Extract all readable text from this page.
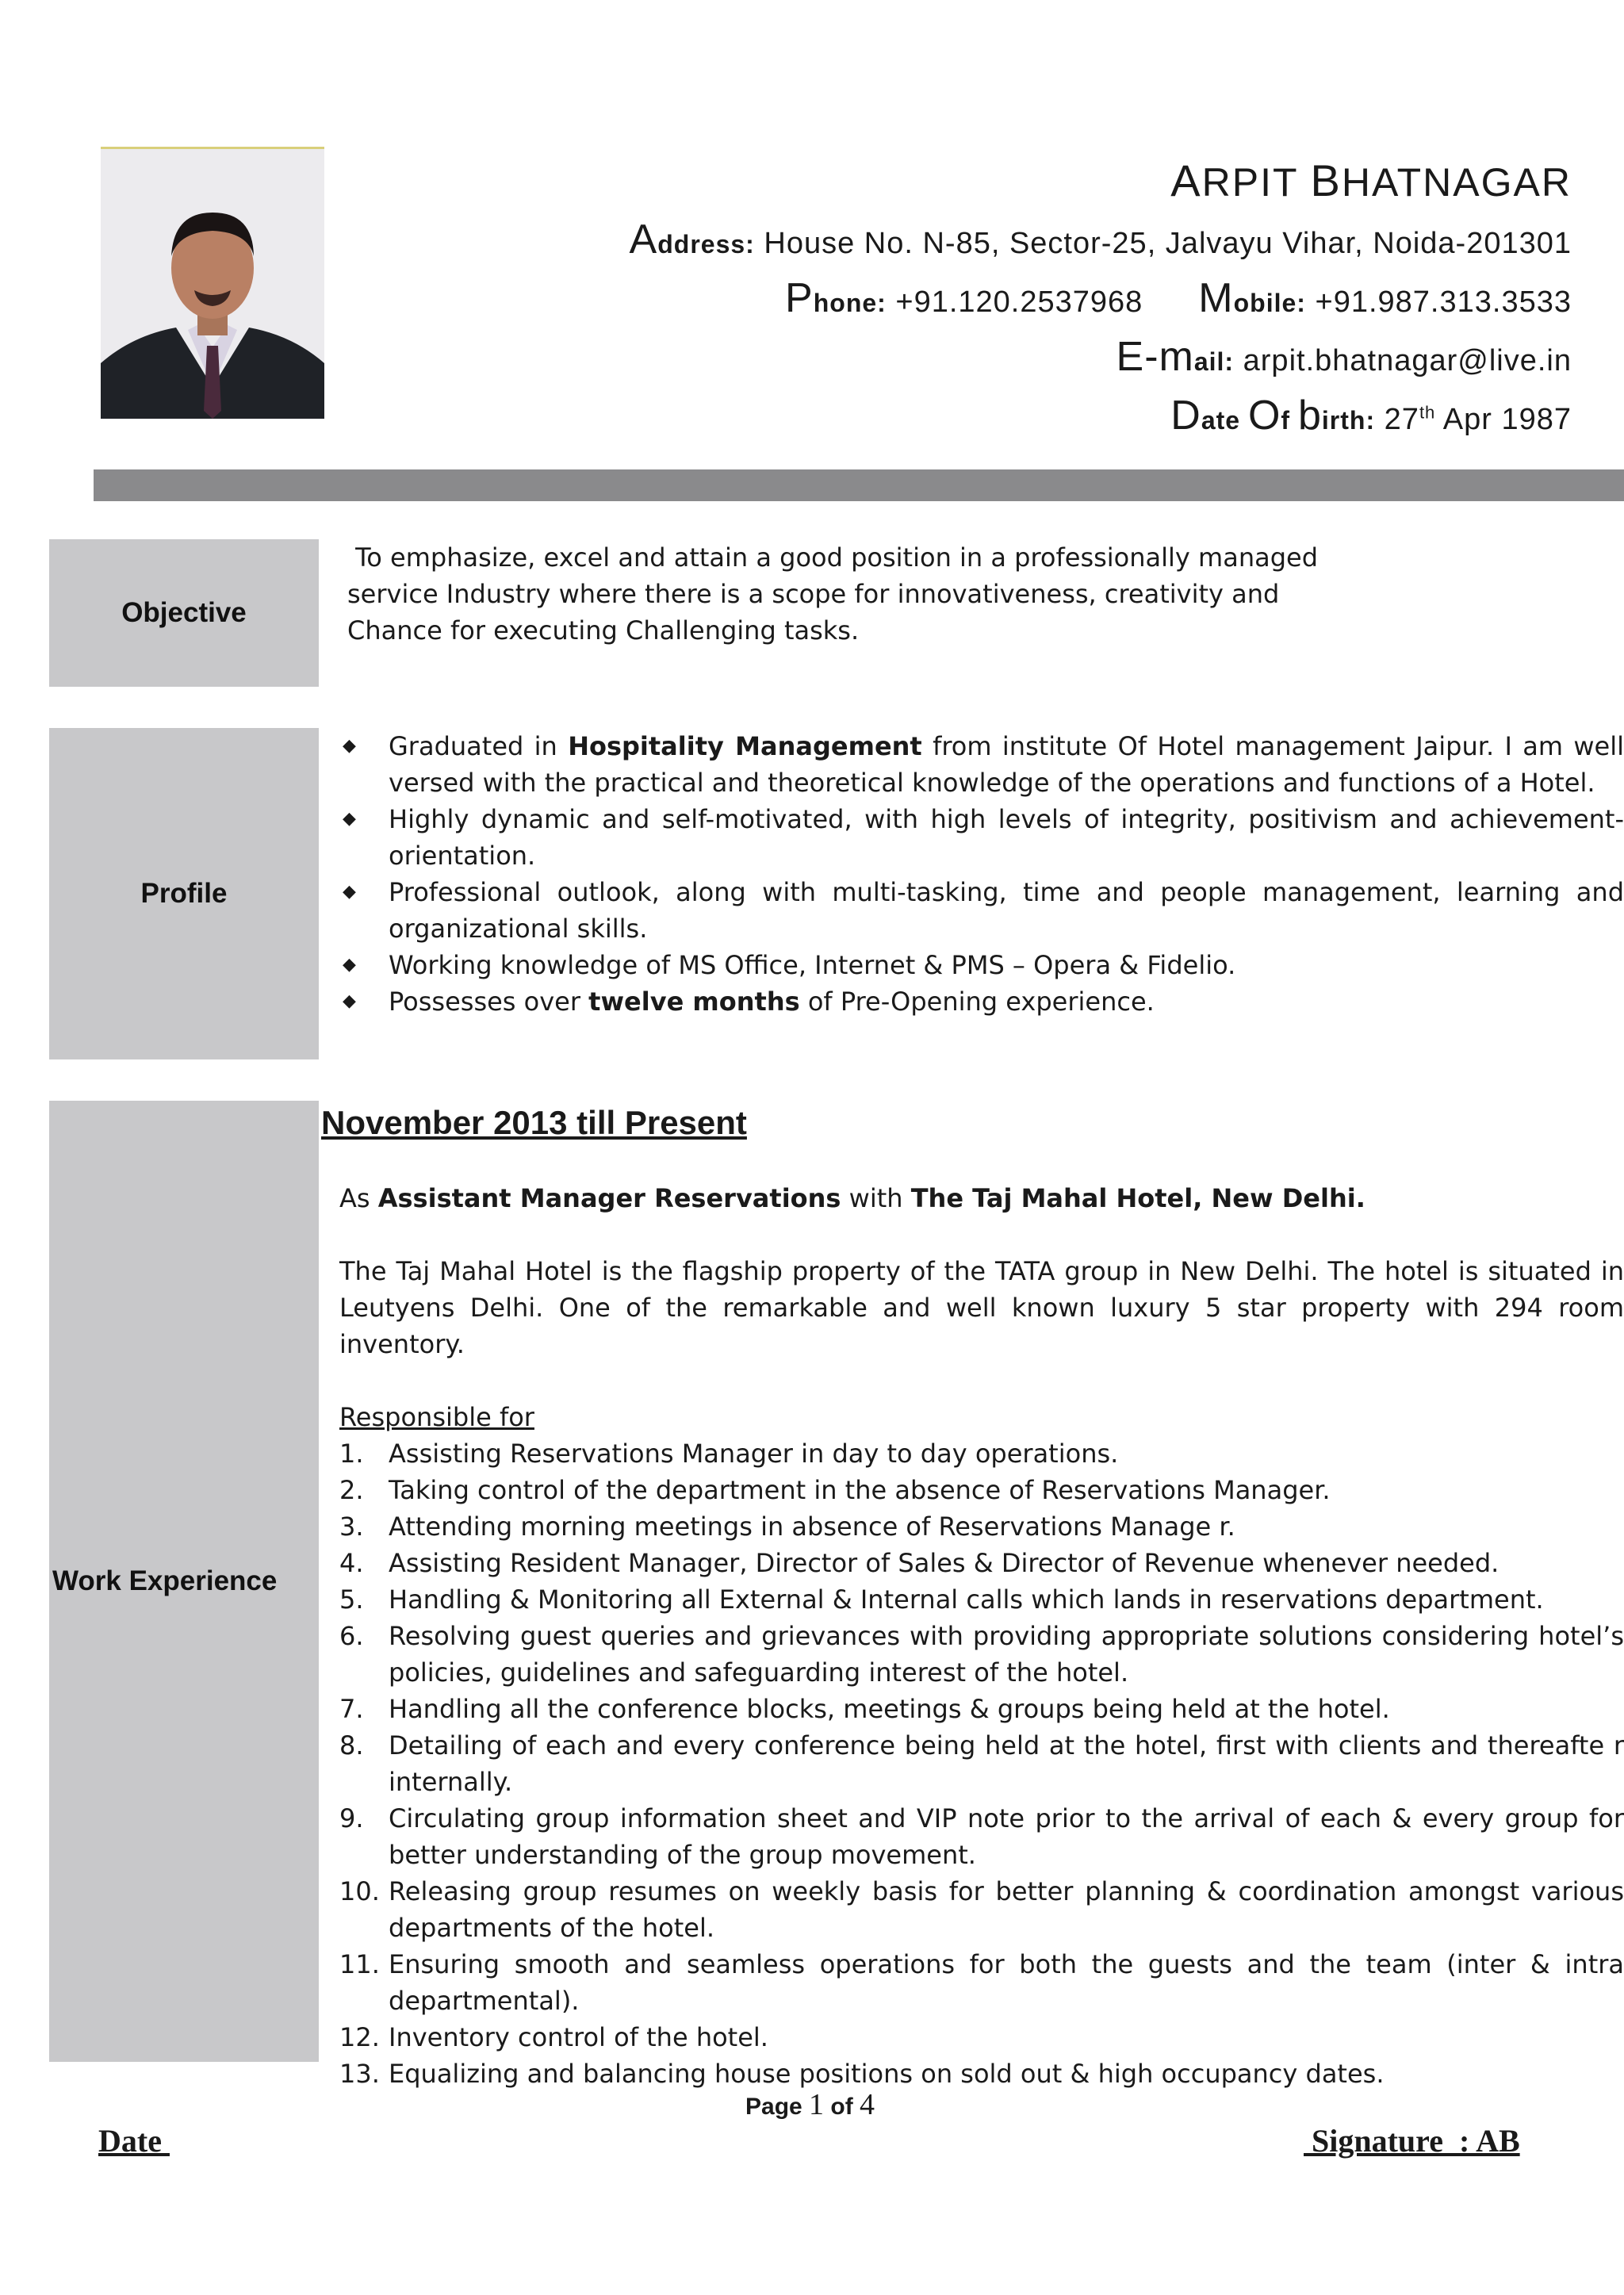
ARPIT BHATNAGAR
Address: House No. N-85, Sector-25, Jalvayu Vihar, Noida-201301
Phone: +91.120.2537968 Mobile: +91.987.313.3533
E-mail: arpit.bhatnagar@live.in
Date Of birth: 27th Apr 1987
Objective
To emphasize, excel and attain a good position in a professionally managed
service Industry where there is a scope for innovativeness, creativity and
Chance for executing Challenging tasks.
Profile
◆ Graduated in Hospitality Management from institute Of Hotel management Jaipur. I am well versed with the practical and theoretical knowledge of the operations and functions of a Hotel.
◆ Highly dynamic and self-motivated, with high levels of integrity, positivism and achievement-orientation.
◆ Professional outlook, along with multi-tasking, time and people management, learning and organizational skills.
◆ Working knowledge of MS Office, Internet & PMS – Opera & Fidelio.
◆ Possesses over twelve months of Pre-Opening experience.
Work Experience
November 2013 till Present

As Assistant Manager Reservations with The Taj Mahal Hotel, New Delhi.

The Taj Mahal Hotel is the flagship property of the TATA group in New Delhi. The hotel is situated in Leutyens Delhi. One of the remarkable and well known luxury 5 star property with 294 room inventory.

Responsible for

1. Assisting Reservations Manager in day to day operations.
2. Taking control of the department in the absence of Reservations Manager.
3. Attending morning meetings in absence of Reservations Manage r.
4. Assisting Resident Manager, Director of Sales & Director of Revenue whenever needed.
5. Handling & Monitoring all External & Internal calls which lands in reservations department.
6. Resolving guest queries and grievances with providing appropriate solutions considering hotel’s policies, guidelines and safeguarding interest of the hotel.
7. Handling all the conference blocks, meetings & groups being held at the hotel.
8. Detailing of each and every conference being held at the hotel, first with clients and thereafte r internally.
9. Circulating group information sheet and VIP note prior to the arrival of each & every group for better understanding of the group movement.
10. Releasing group resumes on weekly basis for better planning & coordination amongst various departments of the hotel.
11. Ensuring smooth and seamless operations for both the guests and the team (inter & intra departmental).
12. Inventory control of the hotel.
13. Equalizing and balancing house positions on sold out & high occupancy dates.
Page 1 of 4
Date	Signature  : AB
